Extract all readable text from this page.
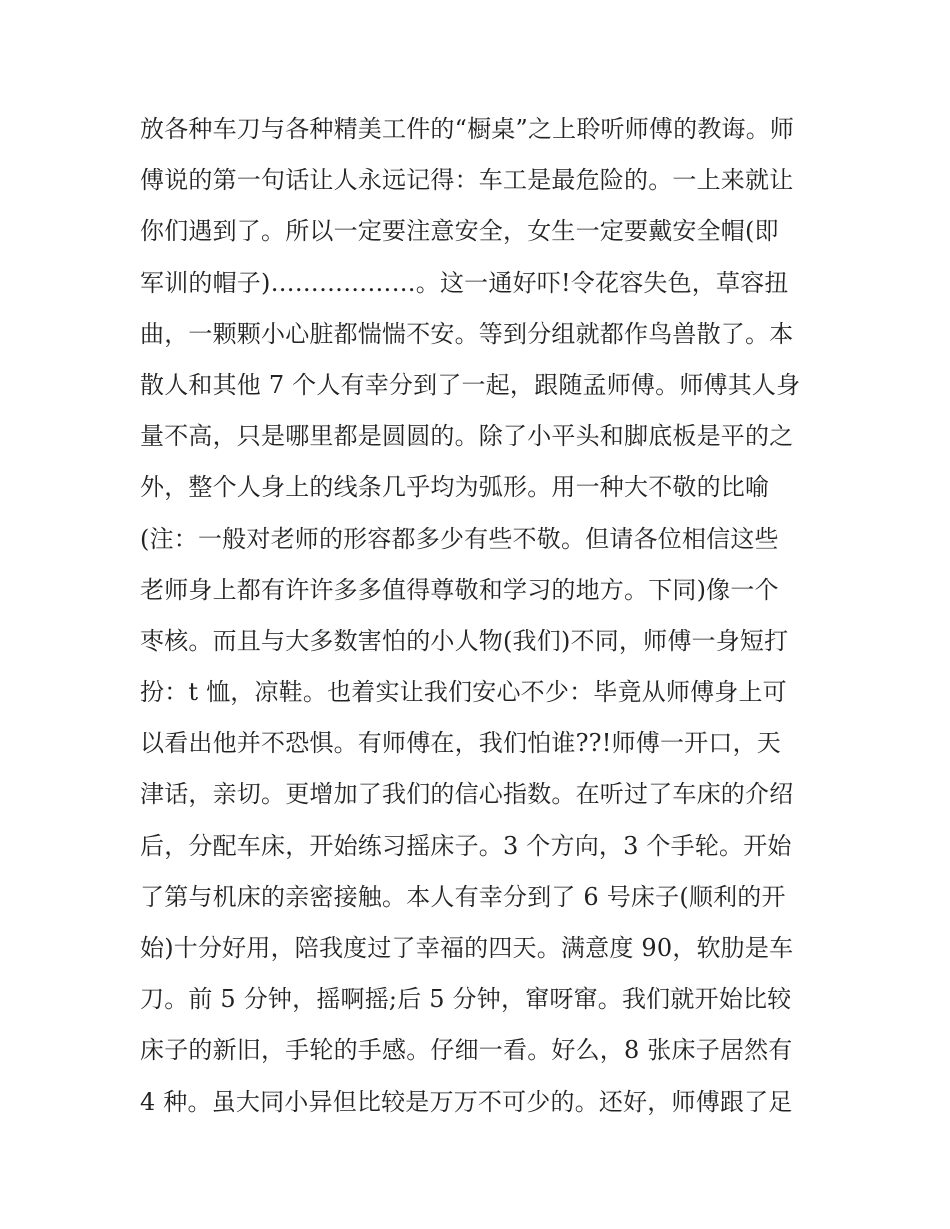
放各种车刀与各种精美工件的“橱桌”之上聆听师傅的教诲。师
傅说的第一句话让人永远记得：车工是最危险的。一上来就让
你们遇到了。所以一定要注意安全，女生一定要戴安全帽(即
军训的帽子)………………。这一通好吓!令花容失色，草容扭
曲，一颗颗小心脏都惴惴不安。等到分组就都作鸟兽散了。本
散人和其他 7 个人有幸分到了一起，跟随孟师傅。师傅其人身
量不高，只是哪里都是圆圆的。除了小平头和脚底板是平的之
外，整个人身上的线条几乎均为弧形。用一种大不敬的比喻
(注：一般对老师的形容都多少有些不敬。但请各位相信这些
老师身上都有许许多多值得尊敬和学习的地方。下同)像一个
枣核。而且与大多数害怕的小人物(我们)不同，师傅一身短打
扮：t 恤，凉鞋。也着实让我们安心不少：毕竟从师傅身上可
以看出他并不恐惧。有师傅在，我们怕谁??!师傅一开口，天
津话，亲切。更增加了我们的信心指数。在听过了车床的介绍
后，分配车床，开始练习摇床子。3 个方向，3 个手轮。开始
了第与机床的亲密接触。本人有幸分到了 6 号床子(顺利的开
始)十分好用，陪我度过了幸福的四天。满意度 90，软肋是车
刀。前 5 分钟，摇啊摇;后 5 分钟，窜呀窜。我们就开始比较
床子的新旧，手轮的手感。仔细一看。好么，8 张床子居然有
4 种。虽大同小异但比较是万万不可少的。还好，师傅跟了足
